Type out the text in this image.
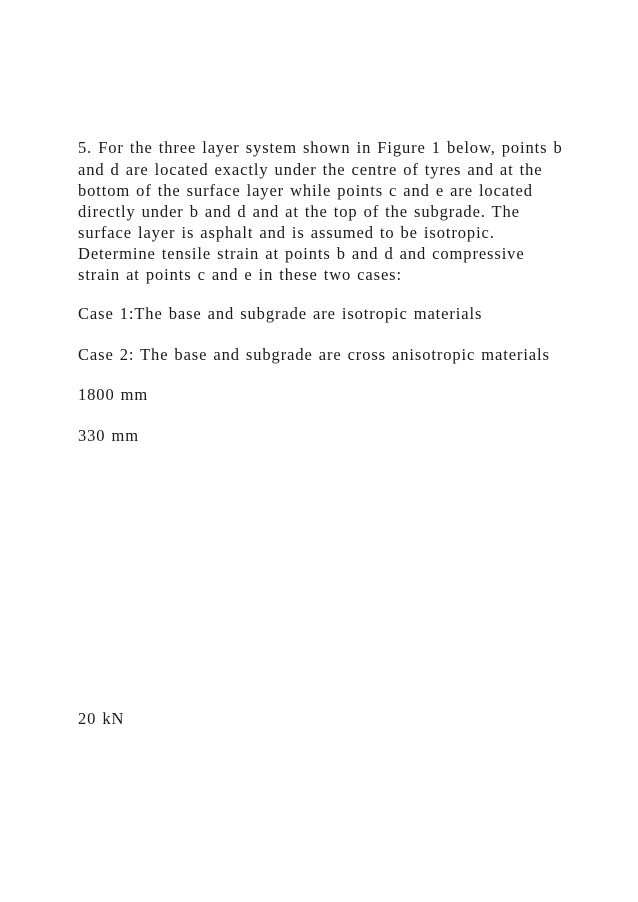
5. For the three layer system shown in Figure 1 below, points b
and d are located exactly under the centre of tyres and at the
bottom of the surface layer while points c and e are located
directly under b and d and at the top of the subgrade. The
surface layer is asphalt and is assumed to be isotropic.
Determine tensile strain at points b and d and compressive
strain at points c and e in these two cases:
Case 1:The base and subgrade are isotropic materials
Case 2: The base and subgrade are cross anisotropic materials
1800 mm
330 mm
20 kN
